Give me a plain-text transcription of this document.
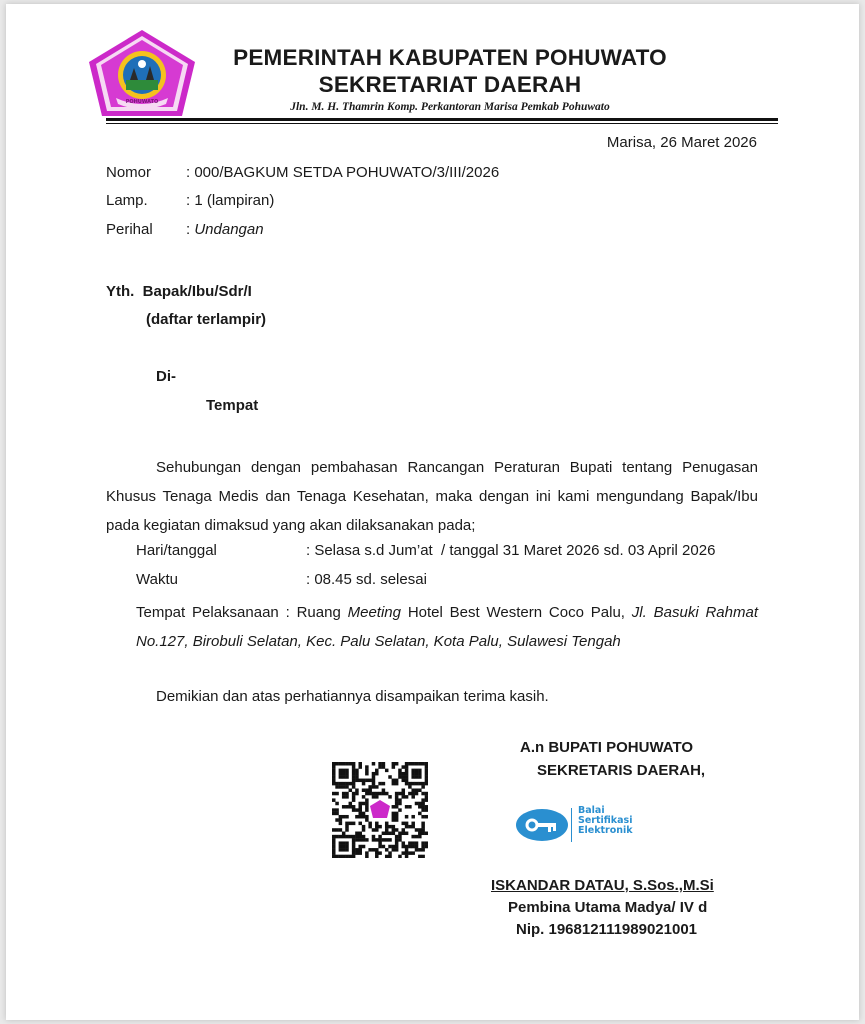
POHUWATO
PEMERINTAH KABUPATEN POHUWATO
SEKRETARIAT DAERAH
Jln. M. H. Thamrin Komp. Perkantoran Marisa Pemkab Pohuwato
Marisa, 26 Maret 2026
Nomor	: 000/BAGKUM SETDA POHUWATO/3/III/2026
Lamp.	: 1 (lampiran)
Perihal	: Undangan
Yth.  Bapak/Ibu/Sdr/I
(daftar terlampir)
Di-
Tempat
Sehubungan dengan pembahasan Rancangan Peraturan Bupati tentang Penugasan Khusus Tenaga Medis dan Tenaga Kesehatan, maka dengan ini kami mengundang Bapak/Ibu pada kegiatan dimaksud yang akan dilaksanakan pada;
Hari/tanggal	: Selasa s.d Jum’at  / tanggal 31 Maret 2026 sd. 03 April 2026
Waktu	: 08.45 sd. selesai
Tempat Pelaksanaan : Ruang Meeting Hotel Best Western Coco Palu, Jl. Basuki Rahmat No.127, Birobuli Selatan, Kec. Palu Selatan, Kota Palu, Sulawesi Tengah
Demikian dan atas perhatiannya disampaikan terima kasih.
A.n BUPATI POHUWATO
SEKRETARIS DAERAH,
Balai
Sertifikasi
Elektronik
ISKANDAR DATAU, S.Sos.,M.Si
Pembina Utama Madya/ IV d
Nip. 196812111989021001
